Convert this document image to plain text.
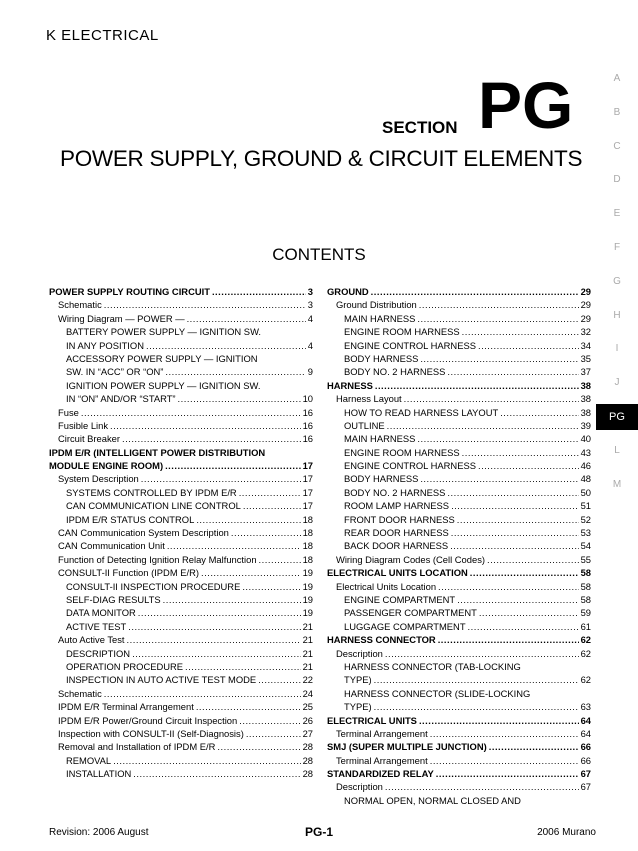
K ELECTRICAL
SECTION PG
POWER SUPPLY, GROUND & CIRCUIT ELEMENTS
CONTENTS
A
B
C
D
E
F
G
H
I
J
PG
L
M
POWER SUPPLY ROUTING CIRCUIT .....	3
Schematic .....	3
Wiring Diagram — POWER — .....	4
BATTERY POWER SUPPLY — IGNITION SW.
IN ANY POSITION .....	4
ACCESSORY POWER SUPPLY — IGNITION
SW. IN “ACC” OR “ON” .....	9
IGNITION POWER SUPPLY — IGNITION SW.
IN “ON” AND/OR “START” .....	10
Fuse .....	16
Fusible Link .....	16
Circuit Breaker .....	16
IPDM E/R (INTELLIGENT POWER DISTRIBUTION
MODULE ENGINE ROOM) .....	17
System Description .....	17
SYSTEMS CONTROLLED BY IPDM E/R .....	17
CAN COMMUNICATION LINE CONTROL .....	17
IPDM E/R STATUS CONTROL .....	18
CAN Communication System Description .....	18
CAN Communication Unit .....	18
Function of Detecting Ignition Relay Malfunction .....	18
CONSULT-II Function (IPDM E/R) .....	19
CONSULT-II INSPECTION PROCEDURE .....	19
SELF-DIAG RESULTS .....	19
DATA MONITOR .....	19
ACTIVE TEST .....	21
Auto Active Test .....	21
DESCRIPTION .....	21
OPERATION PROCEDURE .....	21
INSPECTION IN AUTO ACTIVE TEST MODE .....	22
Schematic .....	24
IPDM E/R Terminal Arrangement .....	25
IPDM E/R Power/Ground Circuit Inspection .....	26
Inspection with CONSULT-II (Self-Diagnosis) .....	27
Removal and Installation of IPDM E/R .....	28
REMOVAL .....	28
INSTALLATION .....	28
GROUND .....	29
Ground Distribution .....	29
MAIN HARNESS .....	29
ENGINE ROOM HARNESS .....	32
ENGINE CONTROL HARNESS .....	34
BODY HARNESS .....	35
BODY NO. 2 HARNESS .....	37
HARNESS .....	38
Harness Layout .....	38
HOW TO READ HARNESS LAYOUT .....	38
OUTLINE .....	39
MAIN HARNESS .....	40
ENGINE ROOM HARNESS .....	43
ENGINE CONTROL HARNESS .....	46
BODY HARNESS .....	48
BODY NO. 2 HARNESS .....	50
ROOM LAMP HARNESS .....	51
FRONT DOOR HARNESS .....	52
REAR DOOR HARNESS .....	53
BACK DOOR HARNESS .....	54
Wiring Diagram Codes (Cell Codes) .....	55
ELECTRICAL UNITS LOCATION .....	58
Electrical Units Location .....	58
ENGINE COMPARTMENT .....	58
PASSENGER COMPARTMENT .....	59
LUGGAGE COMPARTMENT .....	61
HARNESS CONNECTOR .....	62
Description .....	62
HARNESS CONNECTOR (TAB-LOCKING
TYPE) .....	62
HARNESS CONNECTOR (SLIDE-LOCKING
TYPE) .....	63
ELECTRICAL UNITS .....	64
Terminal Arrangement .....	64
SMJ (SUPER MULTIPLE JUNCTION) .....	66
Terminal Arrangement .....	66
STANDARDIZED RELAY .....	67
Description .....	67
NORMAL OPEN, NORMAL CLOSED AND
Revision: 2006 August	PG-1	2006 Murano
